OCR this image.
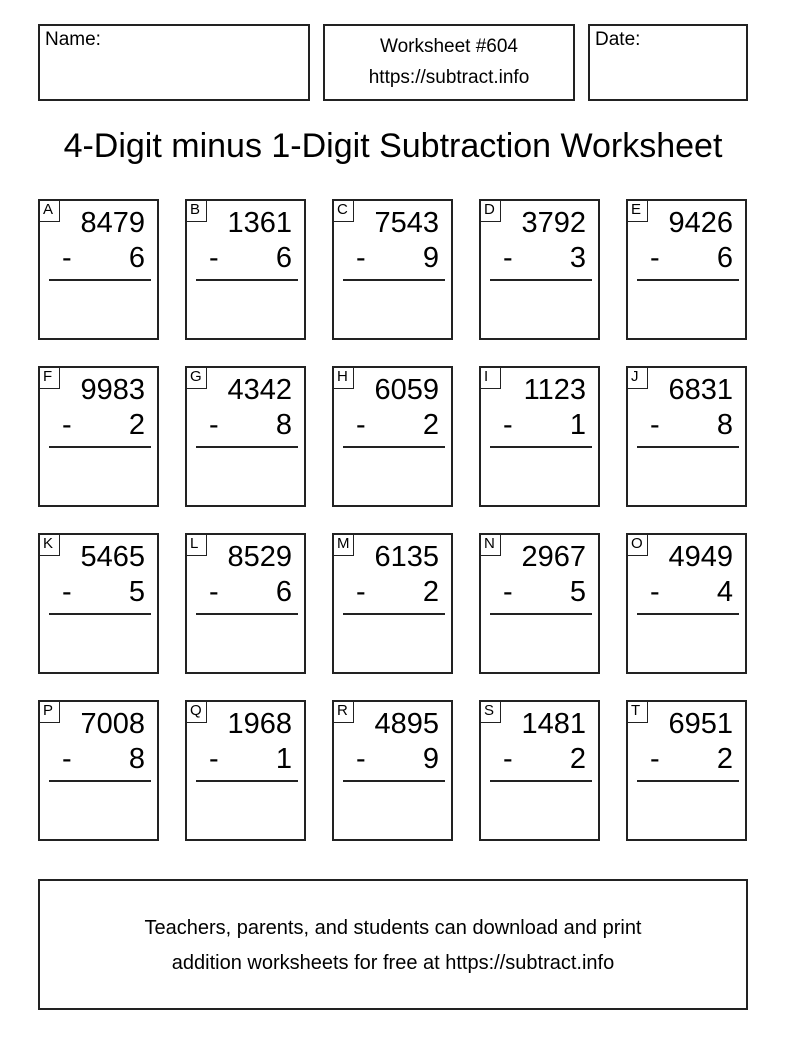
Name:	Worksheet #604
https://subtract.info
Date:
4-Digit minus 1-Digit Subtraction Worksheet
A 8479
- 6
B 1361
- 6
C 7543
- 9
D 3792
- 3
E 9426
- 6
F 9983
- 2
G 4342
- 8
H 6059
- 2
I	1123
- 1
J	6831
- 8
K 5465
- 5
L 8529
- 6
M 6135
- 2
N 2967
- 5
O 4949
- 4
P 7008
- 8
Q 1968
- 1
R 4895
- 9
S 1481
- 2
T 6951
- 2
Teachers, parents, and students can download and print
addition worksheets for free at https://subtract.info
